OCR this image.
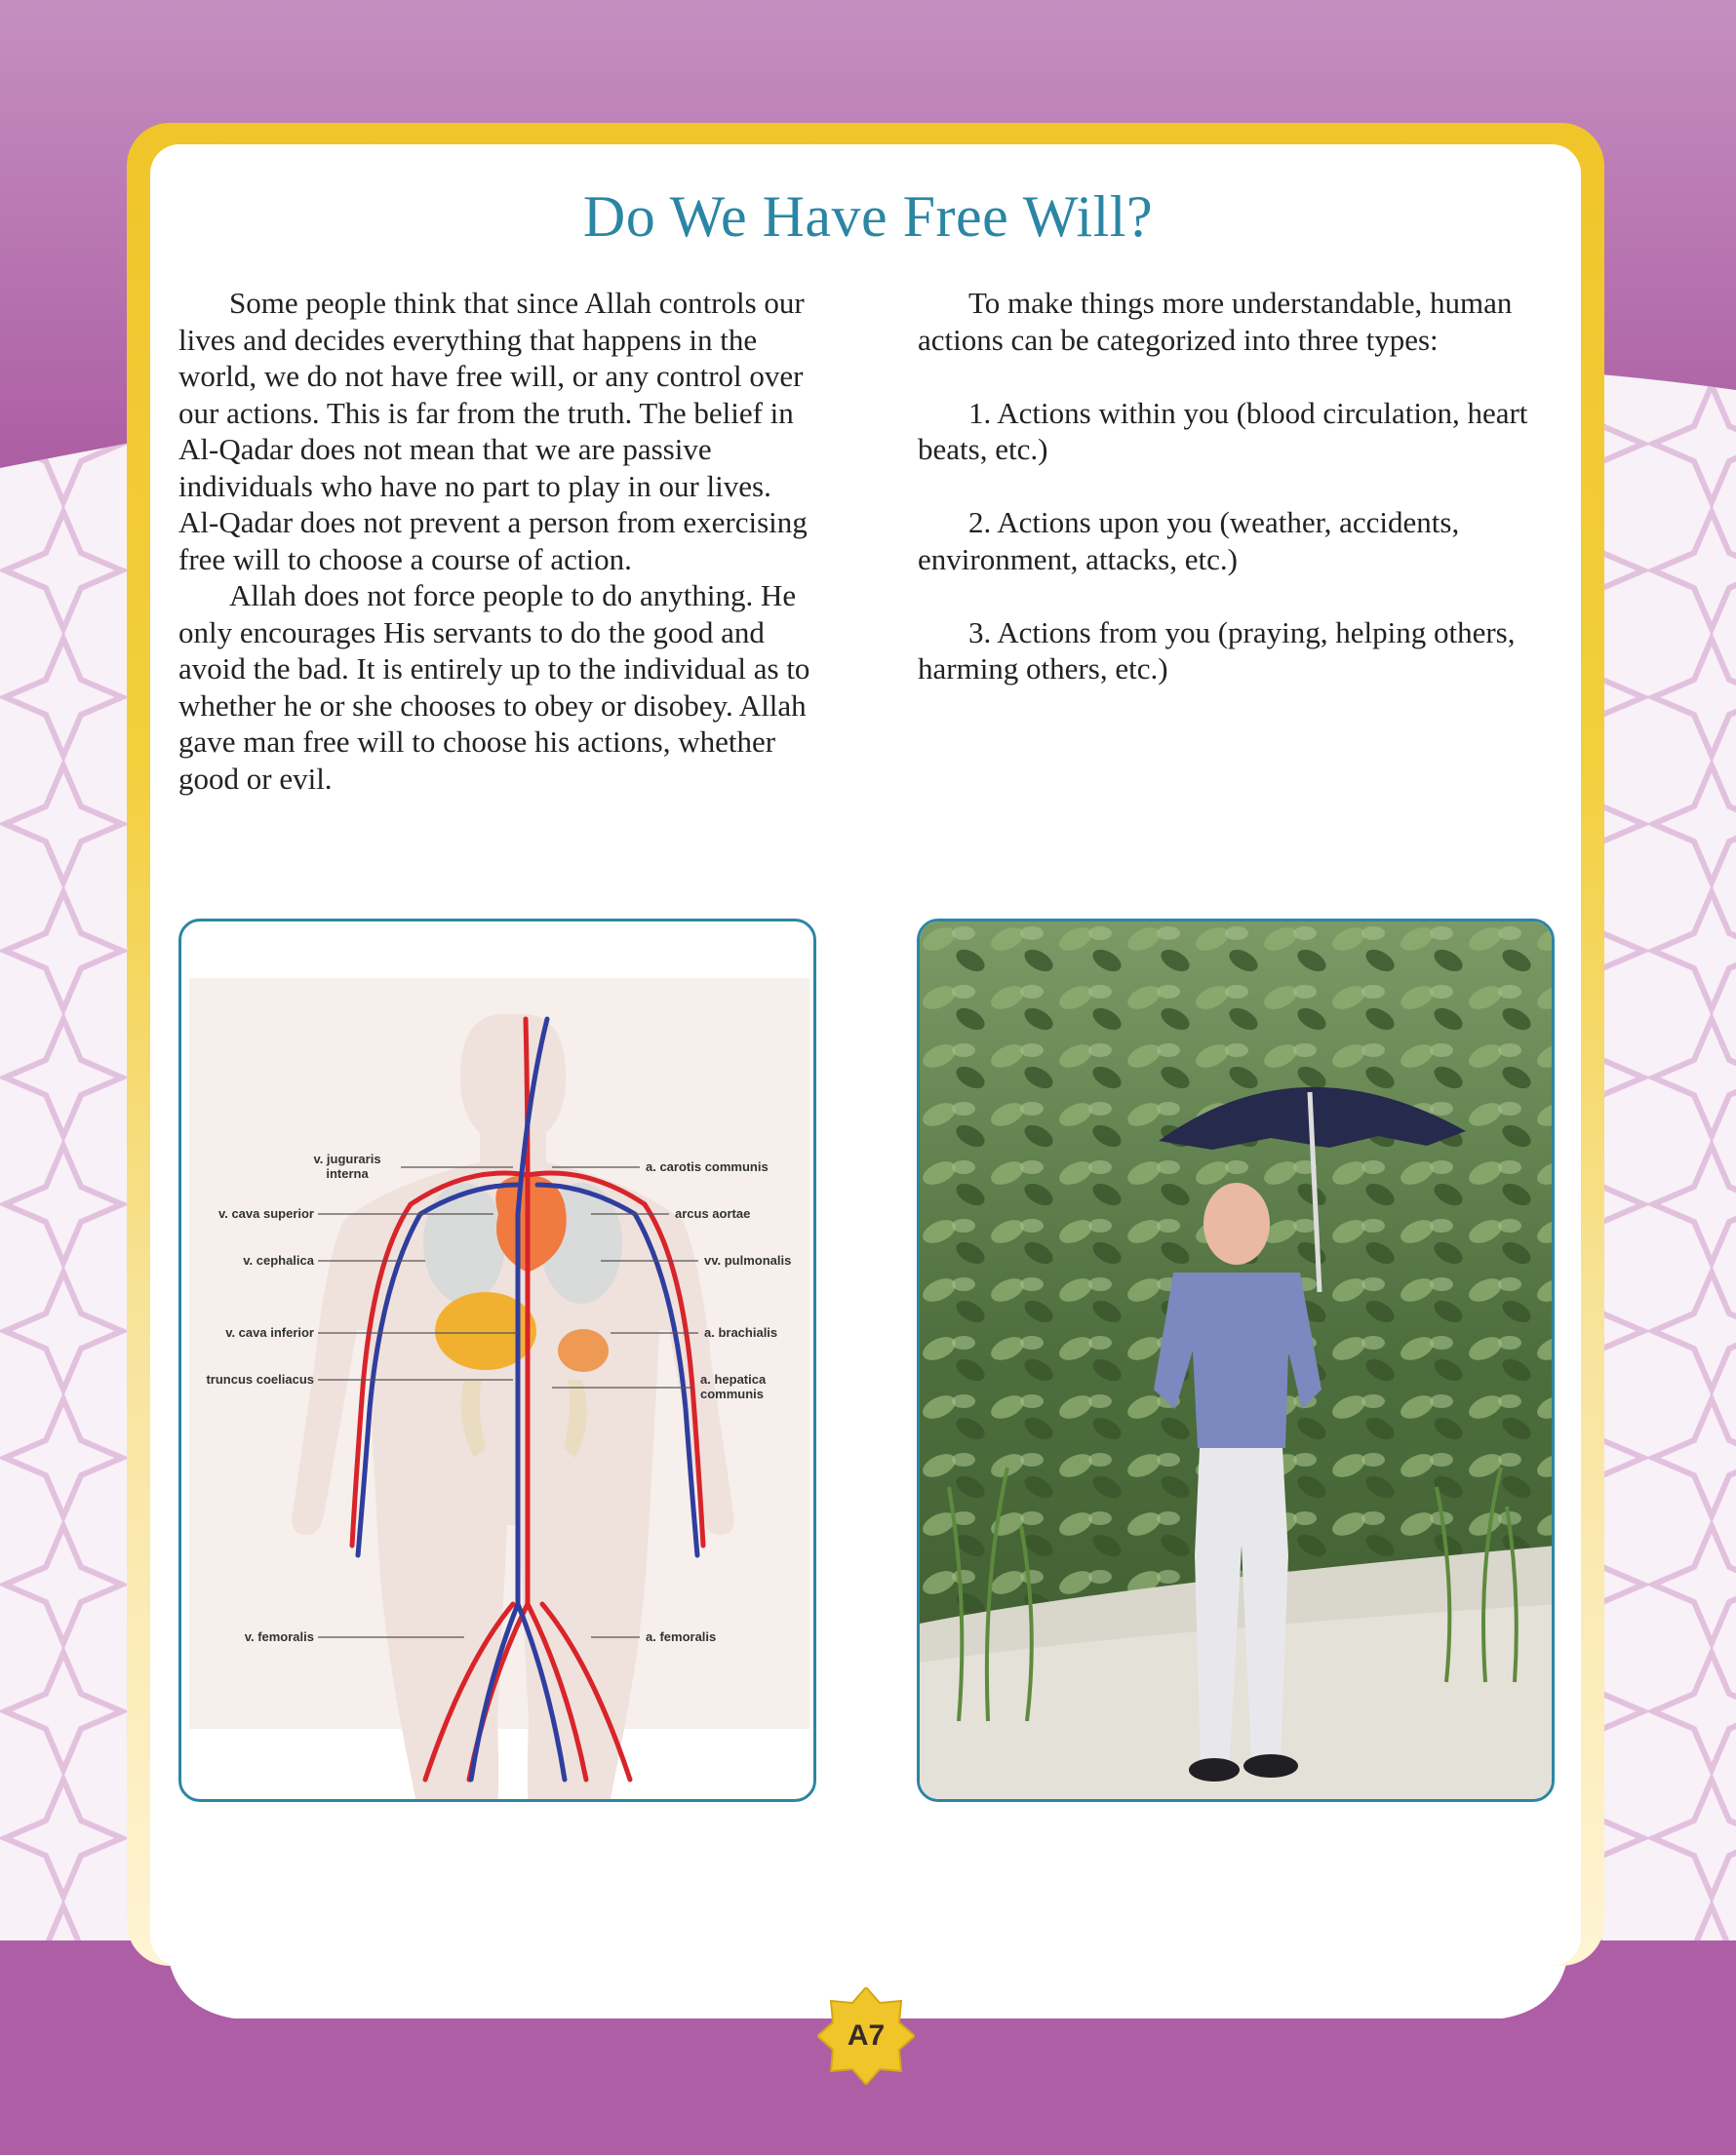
Do We Have Free Will?

Some people think that since Allah controls our lives and decides everything that happens in the world, we do not have free will, or any control over our actions. This is far from the truth. The belief in Al-Qadar does not mean that we are passive individuals who have no part to play in our lives. Al-Qadar does not prevent a person from exercising free will to choose a course of action.

Allah does not force people to do anything. He only encourages His servants to do the good and avoid the bad. It is entirely up to the individual as to whether he or she chooses to obey or disobey. Allah gave man free will to choose his actions, whether good or evil.

To make things more understandable, human actions can be categorized into three types:

1. Actions within you (blood circulation, heart beats, etc.)

2. Actions upon you (weather, accidents, environment, attacks, etc.)

3. Actions from you (praying, helping others, harming others, etc.)

v. juguraris interna
v. cava superior
v. cephalica
v. cava inferior
truncus coeliacus
v. femoralis
a. carotis communis
arcus aortae
vv. pulmonalis
a. brachialis
a. hepatica communis
a. femoralis
A7
